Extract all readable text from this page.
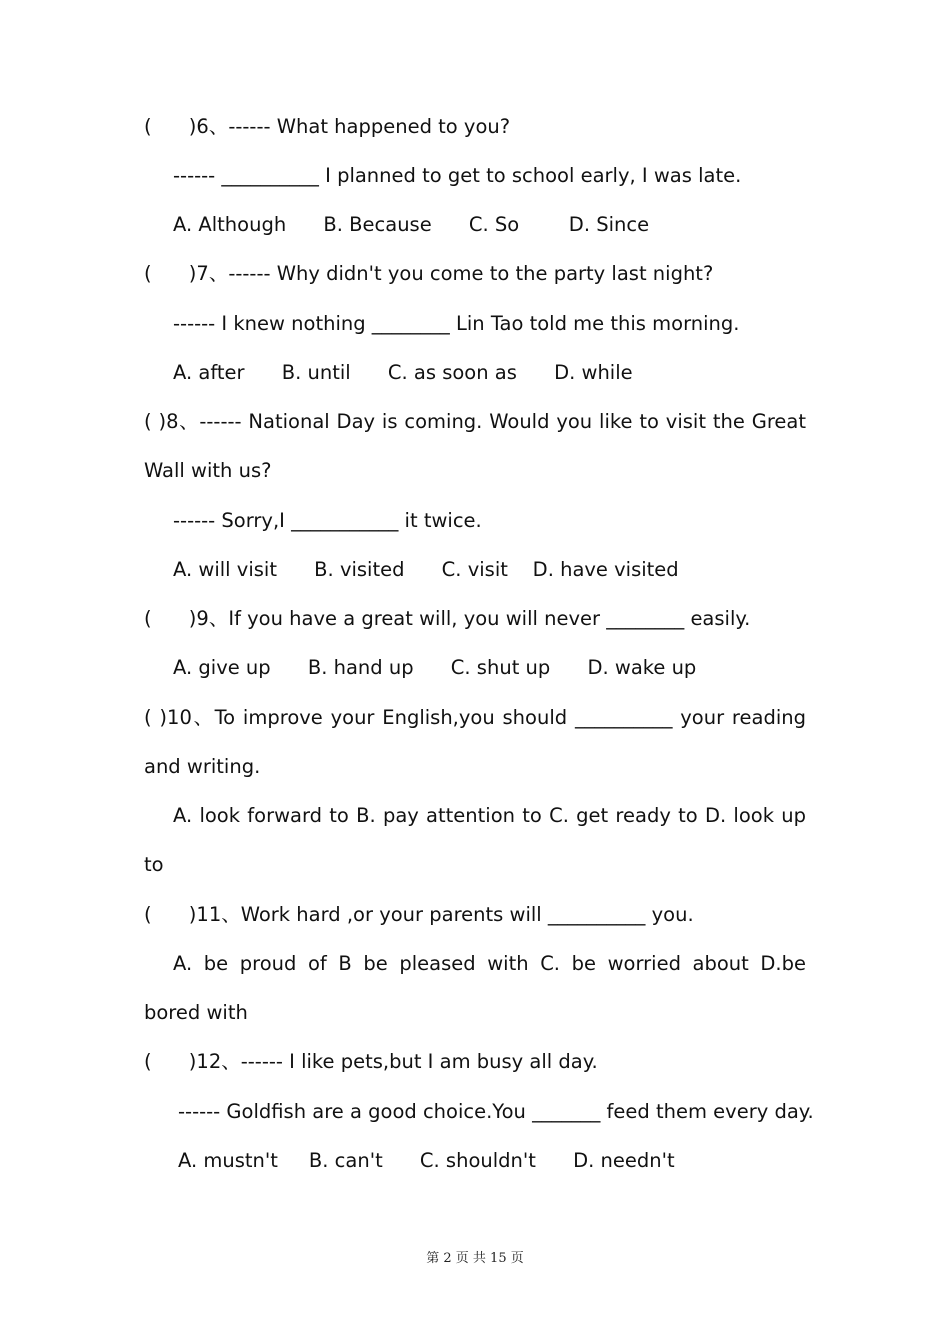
(      )6、------ What happened to you?
------ __________ I planned to get to school early, I was late.
A. Although      B. Because      C. So        D. Since
(      )7、------ Why didn't you come to the party last night?
------ I knew nothing ________ Lin Tao told me this morning.
A. after      B. until      C. as soon as      D. while
( )8、------ National Day is coming. Would you like to visit the Great
Wall with us?
------ Sorry,I ___________ it twice.
A. will visit      B. visited      C. visit    D. have visited
(      )9、If you have a great will, you will never ________ easily.
A. give up      B. hand up      C. shut up      D. wake up
( )10、To improve your English,you should __________ your reading
and writing.
A. look forward to B. pay attention to C. get ready to D. look up
to
(      )11、Work hard ,or your parents will __________ you.
A. be proud of B be pleased with C. be worried about D.be
bored with
(      )12、------ I like pets,but I am busy all day.
------ Goldfish are a good choice.You _______ feed them every day.
A. mustn't     B. can't      C. shouldn't      D. needn't
第 2 页 共 15 页
